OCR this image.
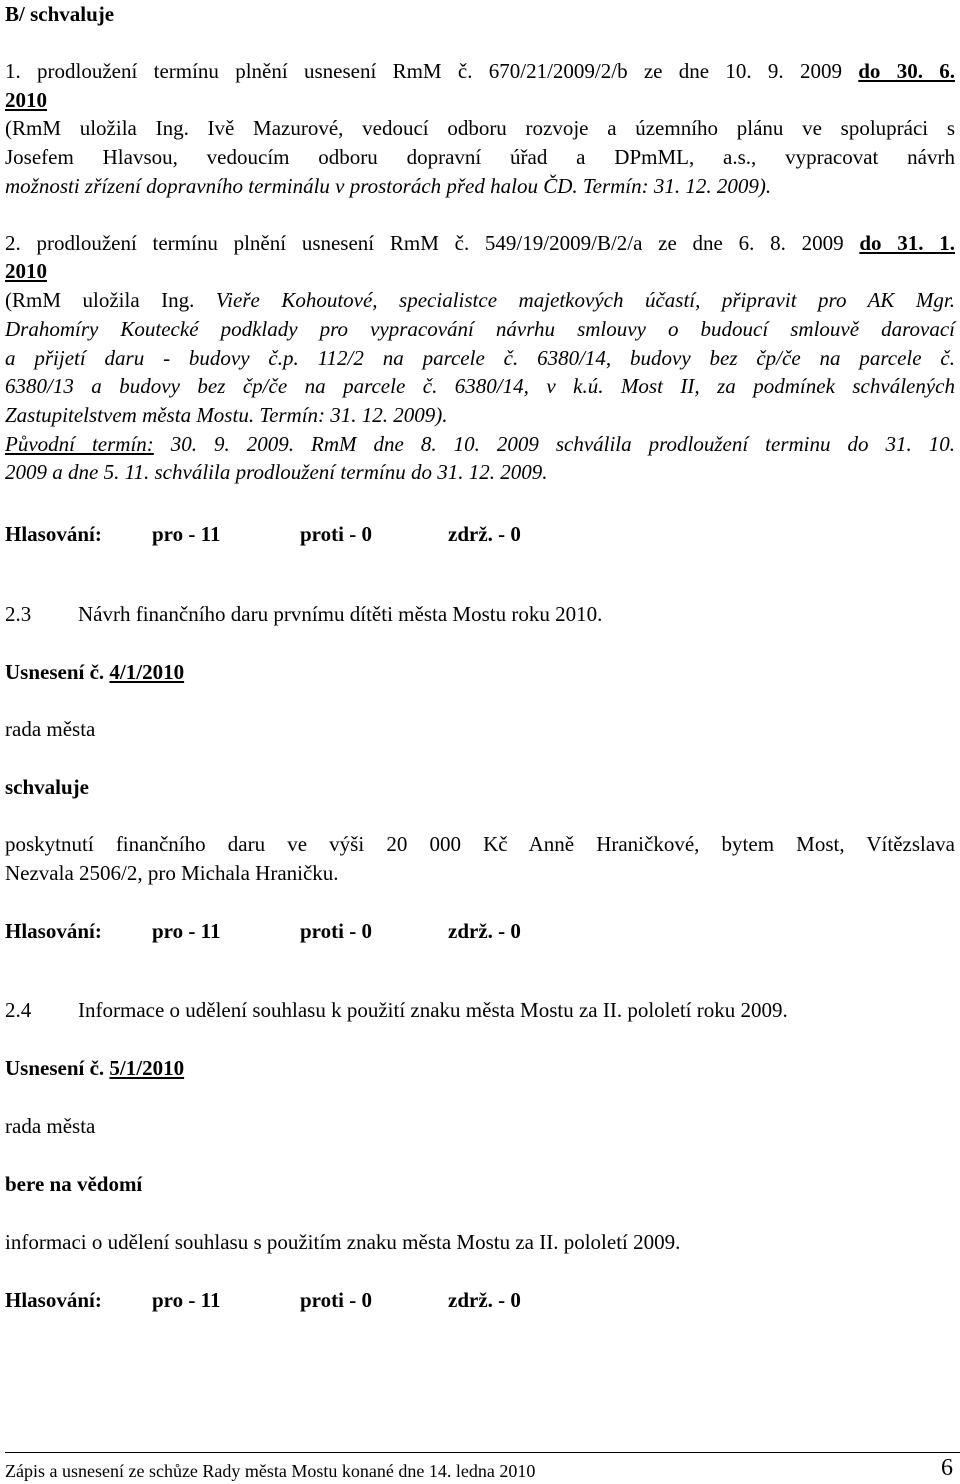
B/ schvaluje
1. prodloužení termínu plnění usnesení RmM č. 670/21/2009/2/b ze dne 10. 9. 2009 do 30. 6.
2010
(RmM uložila Ing. Ivě Mazurové, vedoucí odboru rozvoje a územního plánu ve spolupráci s
Josefem Hlavsou, vedoucím odboru dopravní úřad a DPmML, a.s., vypracovat návrh
možnosti zřízení dopravního terminálu v prostorách před halou ČD. Termín: 31. 12. 2009).
2. prodloužení termínu plnění usnesení RmM č. 549/19/2009/B/2/a ze dne 6. 8. 2009 do 31. 1.
2010
(RmM uložila Ing. Vieře Kohoutové, specialistce majetkových účastí, připravit pro AK Mgr.
Drahomíry Koutecké podklady pro vypracování návrhu smlouvy o budoucí smlouvě darovací
a přijetí daru - budovy č.p. 112/2 na parcele č. 6380/14, budovy bez čp/če na parcele č.
6380/13 a budovy bez čp/če na parcele č. 6380/14, v k.ú. Most II, za podmínek schválených
Zastupitelstvem města Mostu. Termín: 31. 12. 2009).
Původní termín: 30. 9. 2009. RmM dne 8. 10. 2009 schválila prodloužení terminu do 31. 10.
2009 a dne 5. 11. schválila prodloužení termínu do 31. 12. 2009.
Hlasování: pro - 11	proti - 0	zdrž. - 0
2.3 Návrh finančního daru prvnímu dítěti města Mostu roku 2010.
Usnesení č. 4/1/2010
rada města
schvaluje
poskytnutí finančního daru ve výši 20 000 Kč Anně Hraničkové, bytem Most, Vítězslava
Nezvala 2506/2, pro Michala Hraničku.
Hlasování: pro - 11	proti - 0	zdrž. - 0
2.4 Informace o udělení souhlasu k použití znaku města Mostu za II. pololetí roku 2009.
Usnesení č. 5/1/2010
rada města
bere na vědomí
informaci o udělení souhlasu s použitím znaku města Mostu za II. pololetí 2009.
Hlasování: pro - 11	proti - 0	zdrž. - 0
Zápis a usnesení ze schůze Rady města Mostu konané dne 14. ledna 2010	6
